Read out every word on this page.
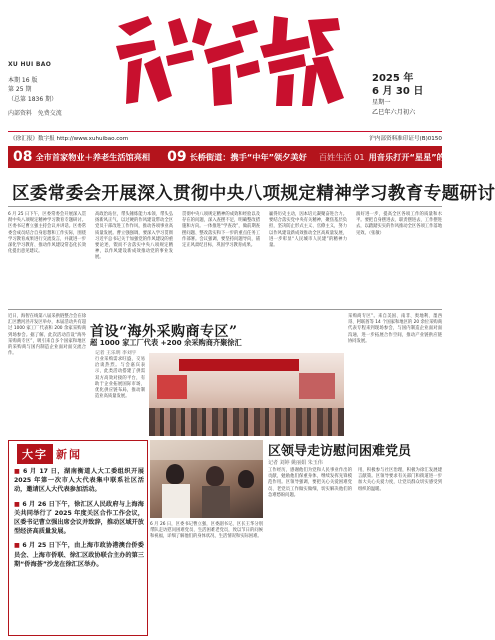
XU HUI BAO
本期 16 版
第 25 期
（总第 1836 期）
内部资料 免费交流
2025 年
6 月 30 日
星期一
乙巳年六月初六
《徐汇报》数字报 http://www.xuhuibao.com	沪内部资料准印证号(B)0150
08 全市首家物业＋养老生活馆亮相 09 长桥街道：携手“中年”领夕美好 百姓生活 01 用音乐打开“星星”的心扉
区委常委会开展深入贯彻中央八项规定精神学习教育专题研讨
6 月 25 日下午，区委常委会开展深入贯彻中央八项规定精神学习教育专题研讨。区委书记曹立强主持会议并讲话。区委常委会成员结合自身思想和工作实际，围绕学习教育成果进行交流发言，并就进一步深化学习教育、推动作风建设常态化长效化提出意见建议。
高政治站位，带头锤炼能力本领、带头弘扬新风正气，以过硬的作风建设带动全区党员干部改进工作作风，推动各项事业高质量发展。曹立强强调，要深入学习贯彻习近平总书记关于加强党的作风建设的重要论述，锲而不舍落实中央八项规定精神，以作风建设新成效推动党的事业发展。
贯彻中央八项规定精神的成效和经验以及存在的问题，深入查摆不足，明确整改措施和方向。一体推进“学查改”，做前期查摆问题、整改落实和下一步的重点任务工作部署。会议强调，要坚持问题导向，锚定正风肃纪目标，巩固学习教育成果。
赢得历史主动，因本培元凝聚奋进合力。要结合落实党中央有关精神，聚焦基层负担，坚决防止形式主义、官僚主义，努力以作风建设新成效推动全区高质量发展，进一步彰显“人民城市人民建”的精神力量。
演好进一步，提高全区各项工作的质量和水平。要把自身摆进去、职责摆进去、工作摆进去，以踏踏实实的作风推动全区各项工作落地见效。（张敏）
近日，海智在线第八届采供链整合会在徐汇区漕河泾开发区举办，本届活动共有超过 1000 家工厂代表和 200 余家采购商到场参会。据了解，此次活动首设“海外采购商专区”，吸引来自多个国家和地区的采购商与国内制造企业面对面交流合作。
首设“海外采购商专区”
超 1000 家工厂代表 +200 余采购商齐聚徐汇
记者 王乐明 李刘宇
行业采购需求旺盛，交易洽谈热烈。与会嘉宾表示，此类活动搭建了供需双方高效对接的平台，有助于企业拓展国际市场、优化供应链布局，推动制造业高质量发展。
采购商专区”。来自美国、南非、奥地利、墨西哥、阿联酋等 14 个国家和地区的 20 余位采购商代表专程来到现场参会，与国内制造企业面对面沟通，进一步拓展合作空间，推动产业链供应链协同发展。
大字 新闻
■ 6 月 17 日，湖南衡道人大工委组织开展 2025 年第一次市人大代表集中联系社区活动，邀请区人大代表参加活动。
■ 6 月 26 日下午，徐汇区人民政府与上海海关共同举行了 2025 年度关区合作工作会议，区委书记曹立强出席会议并致辞，推动区域开放型经济高质量发展。
■ 6 月 25 日下午，由上海市政协港澳台侨委员会、上海市侨联、徐汇区政协联合主办的第三期“侨海荟”沙龙在徐汇区举办。
区领导走访慰问困难党员
记者 刘婷 姚丽娟 朱玉伟
6 月 26 日，区委书记曹立强，区委副书记、区长王华分别带队走访慰问困难党员、生活困难老党员，致以节日的问候和祝福，详细了解他们的身体状况、生活情况和实际困难。
工作经历，感谢他们为党和人民事业作出的贡献，勉励他们保重身体，继续发挥先锋模范作用。区领导强调，要把关心关爱困难党员、老党员工作做实做细，切实解决他们的急难愁盼问题。
用，积极参与社区治理，积极为徐汇发展建言献策。区领导要求有关部门和街道进一步加大关心关爱力度，让党员群众切实感受到组织的温暖。
